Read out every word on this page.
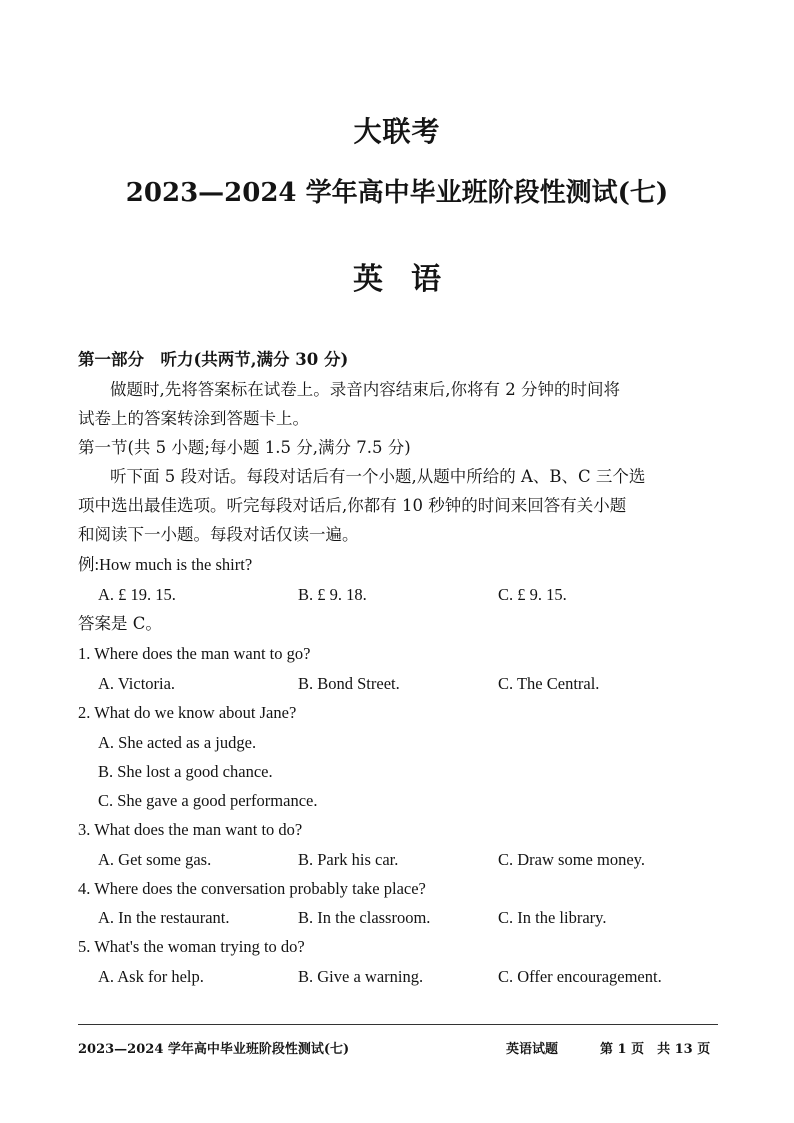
大联考
2023—2024 学年高中毕业班阶段性测试(七)
英语
第一部分　听力(共两节,满分 30 分)
做题时,先将答案标在试卷上。录音内容结束后,你将有 2 分钟的时间将
试卷上的答案转涂到答题卡上。
第一节(共 5 小题;每小题 1.5 分,满分 7.5 分)
听下面 5 段对话。每段对话后有一个小题,从题中所给的 A、B、C 三个选
项中选出最佳选项。听完每段对话后,你都有 10 秒钟的时间来回答有关小题
和阅读下一小题。每段对话仅读一遍。
例:How much is the shirt?
A. £ 19. 15.	B. £ 9. 18.	C. £ 9. 15.
答案是 C。
1. Where does the man want to go?
A. Victoria.	B. Bond Street.	C. The Central.
2. What do we know about Jane?
A. She acted as a judge.
B. She lost a good chance.
C. She gave a good performance.
3. What does the man want to do?
A. Get some gas.	B. Park his car.	C. Draw some money.
4. Where does the conversation probably take place?
A. In the restaurant.	B. In the classroom.	C. In the library.
5. What's the woman trying to do?
A. Ask for help.	B. Give a warning.	C. Offer encouragement.
2023—2024 学年高中毕业班阶段性测试(七)	英语试题	第 1 页　共 13 页
